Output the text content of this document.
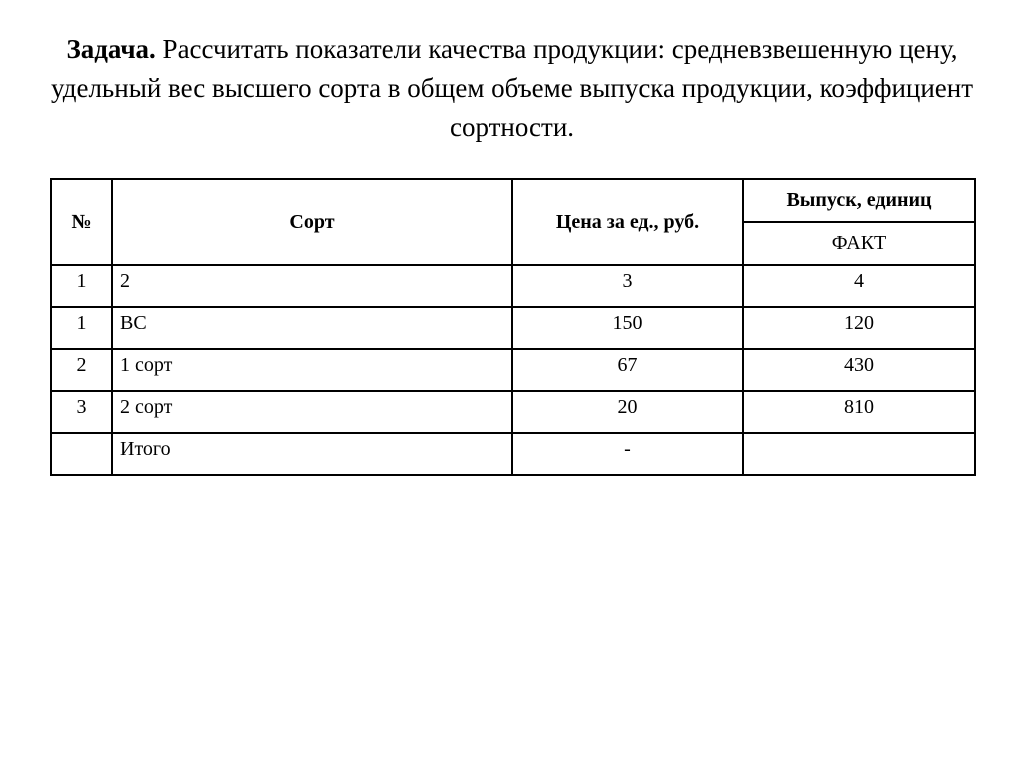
Задача. Рассчитать показатели качества продукции: средневзвешенную цену, удельный вес высшего сорта в общем объеме выпуска продукции, коэффициент сортности.
№	Сорт	Цена за ед., руб.	Выпуск, единиц
			ФАКТ
1	2	3	4
1	ВС	150	120
2	1 сорт	67	430
3	2 сорт	20	810
	Итого	-	
